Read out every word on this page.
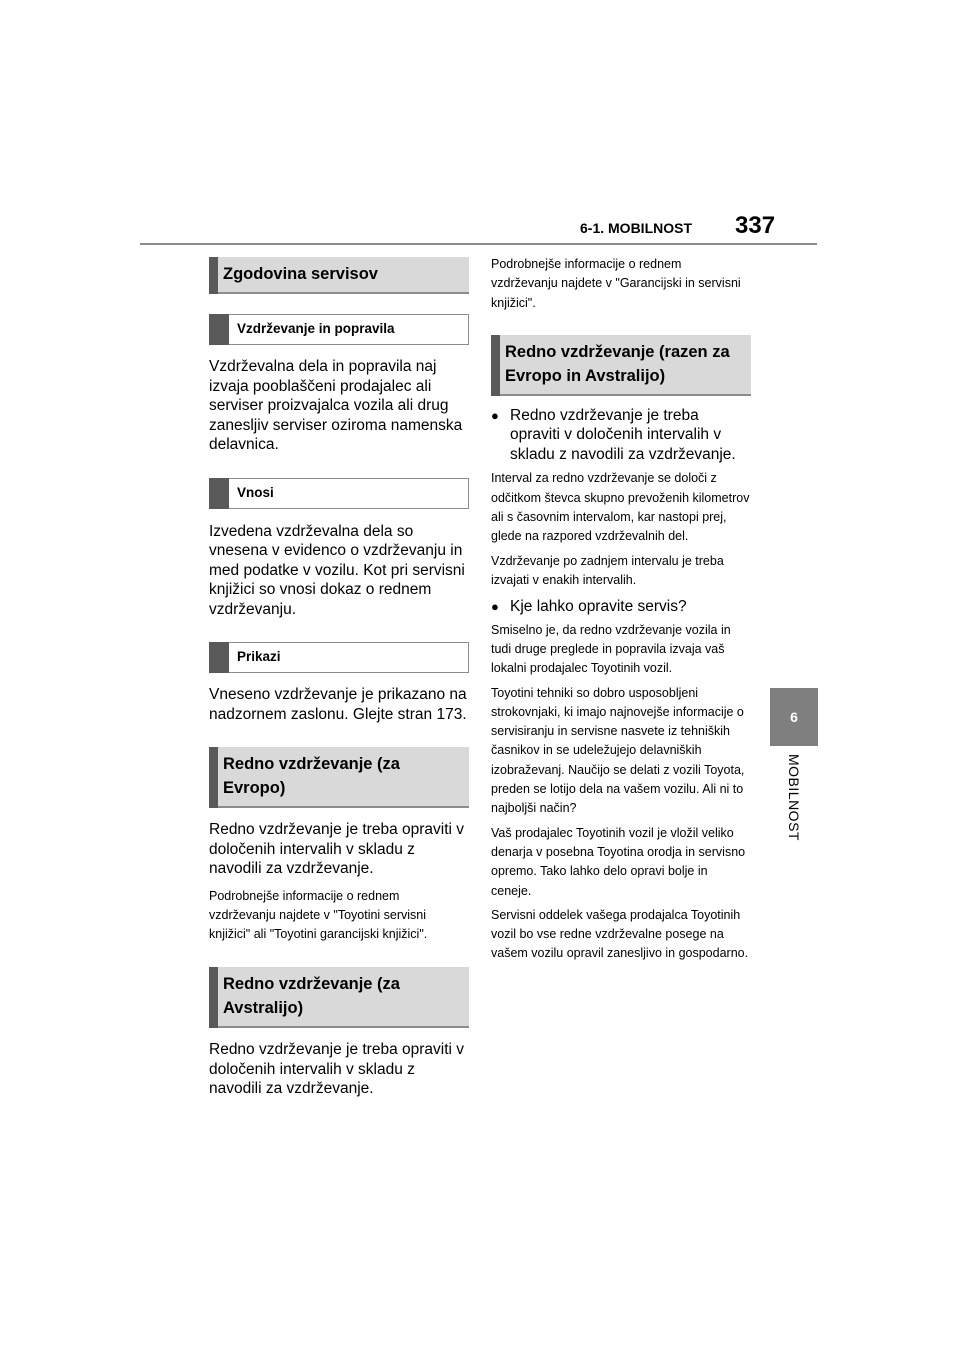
6-1. MOBILNOST 337
6
MOBILNOST
Zgodovina servisov
Vzdrževanje in popravila

Vzdrževalna dela in popravila naj izvaja pooblaščeni prodajalec ali serviser proizvajalca vozila ali drug zanesljiv serviser oziroma namenska delavnica.

Vnosi

Izvedena vzdrževalna dela so vnesena v evidenco o vzdrževanju in med podatke v vozilu. Kot pri servisni knjižici so vnosi dokaz o rednem vzdrževanju.

Prikazi

Vneseno vzdrževanje je prikazano na nadzornem zaslonu. Glejte stran 173.

Redno vzdrževanje (za Evropo)

Redno vzdrževanje je treba opraviti v določenih intervalih v skladu z navodili za vzdrževanje.

Podrobnejše informacije o rednem vzdrževanju najdete v "Toyotini servisni knjižici" ali "Toyotini garancijski knjižici".

Redno vzdrževanje (za Avstralijo)

Redno vzdrževanje je treba opraviti v določenih intervalih v skladu z navodili za vzdrževanje.

Podrobnejše informacije o rednem vzdrževanju najdete v "Garancijski in servisni knjižici".

Redno vzdrževanje (razen za Evropo in Avstralijo)

● Redno vzdrževanje je treba opraviti v določenih intervalih v skladu z navodili za vzdrževanje.

Interval za redno vzdrževanje se določi z odčitkom števca skupno prevoženih kilometrov ali s časovnim intervalom, kar nastopi prej, glede na razpored vzdrževalnih del.

Vzdrževanje po zadnjem intervalu je treba izvajati v enakih intervalih.

● Kje lahko opravite servis?

Smiselno je, da redno vzdrževanje vozila in tudi druge preglede in popravila izvaja vaš lokalni prodajalec Toyotinih vozil.

Toyotini tehniki so dobro usposobljeni strokovnjaki, ki imajo najnovejše informacije o servisiranju in servisne nasvete iz tehniških časnikov in se udeležujejo delavniških izobraževanj. Naučijo se delati z vozili Toyota, preden se lotijo dela na vašem vozilu. Ali ni to najboljši način?

Vaš prodajalec Toyotinih vozil je vložil veliko denarja v posebna Toyotina orodja in servisno opremo. Tako lahko delo opravi bolje in ceneje.

Servisni oddelek vašega prodajalca Toyotinih vozil bo vse redne vzdrževalne posege na vašem vozilu opravil zanesljivo in gospodarno.
